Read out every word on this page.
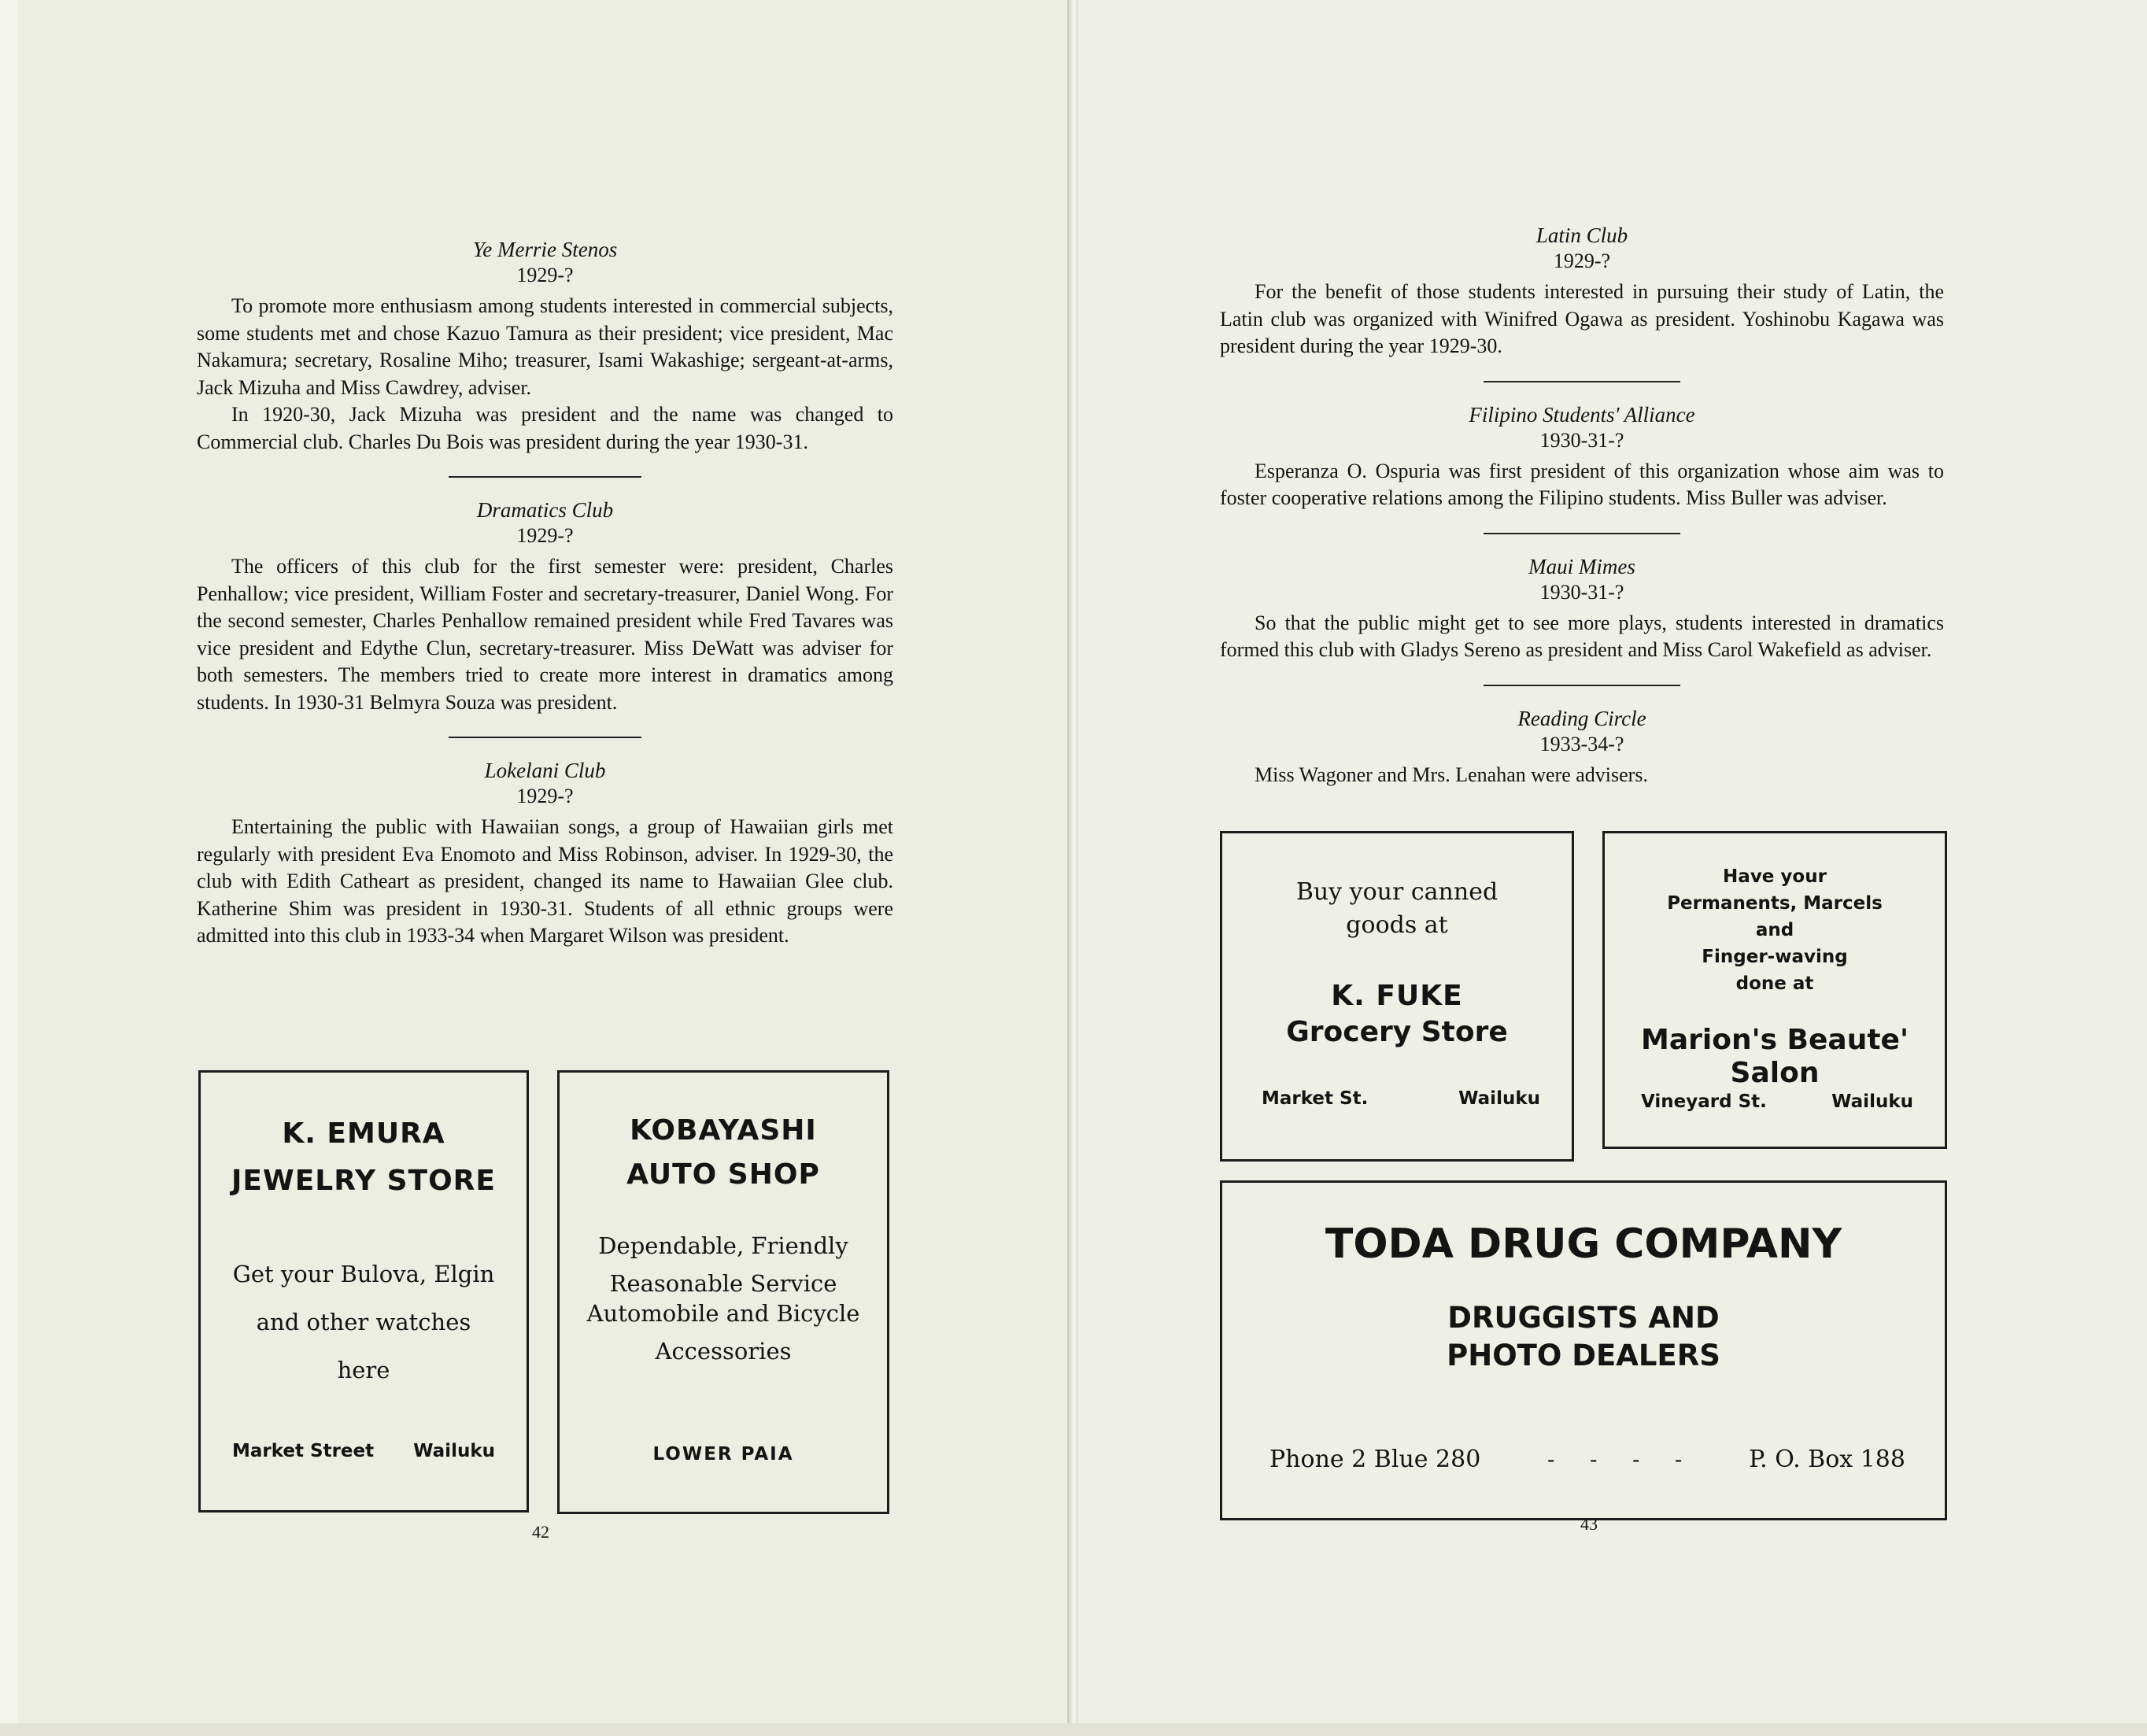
Ye Merrie Stenos
1929-?

To promote more enthusiasm among students interested in commercial subjects, some students met and chose Kazuo Tamura as their president; vice president, Mac Nakamura; secretary, Rosaline Miho; treasurer, Isami Wakashige; sergeant-at-arms, Jack Mizuha and Miss Cawdrey, adviser.

In 1920-30, Jack Mizuha was president and the name was changed to Commercial club. Charles Du Bois was president during the year 1930-31.

Dramatics Club
1929-?

The officers of this club for the first semester were: president, Charles Penhallow; vice president, William Foster and secretary-treasurer, Daniel Wong. For the second semester, Charles Penhallow remained president while Fred Tavares was vice president and Edythe Clun, secretary-treasurer. Miss DeWatt was adviser for both semesters. The members tried to create more interest in dramatics among students. In 1930-31 Belmyra Souza was president.

Lokelani Club
1929-?

Entertaining the public with Hawaiian songs, a group of Hawaiian girls met regularly with president Eva Enomoto and Miss Robinson, adviser. In 1929-30, the club with Edith Catheart as president, changed its name to Hawaiian Glee club. Katherine Shim was president in 1930-31. Students of all ethnic groups were admitted into this club in 1933-34 when Margaret Wilson was president.

K. EMURA
JEWELRY STORE
Get your Bulova, Elgin
and other watches
here
Market Street Wailuku
KOBAYASHI
AUTO SHOP
Dependable, Friendly
Reasonable Service
Automobile and Bicycle
Accessories
LOWER PAIA
42
Latin Club
1929-?

For the benefit of those students interested in pursuing their study of Latin, the Latin club was organized with Winifred Ogawa as president. Yoshinobu Kagawa was president during the year 1929-30.

Filipino Students' Alliance
1930-31-?

Esperanza O. Ospuria was first president of this organization whose aim was to foster cooperative relations among the Filipino students. Miss Buller was adviser.

Maui Mimes
1930-31-?

So that the public might get to see more plays, students interested in dramatics formed this club with Gladys Sereno as president and Miss Carol Wakefield as adviser.

Reading Circle
1933-34-?

Miss Wagoner and Mrs. Lenahan were advisers.

Buy your canned
goods at
K. FUKE
Grocery Store
Market St.	Wailuku
Have your
Permanents, Marcels
and
Finger-waving
done at
Marion's Beaute'
Salon
Vineyard St.	Wailuku
TODA DRUG COMPANY
DRUGGISTS AND
PHOTO DEALERS
Phone 2 Blue 280	-     -     -     -	P. O. Box 188
43
